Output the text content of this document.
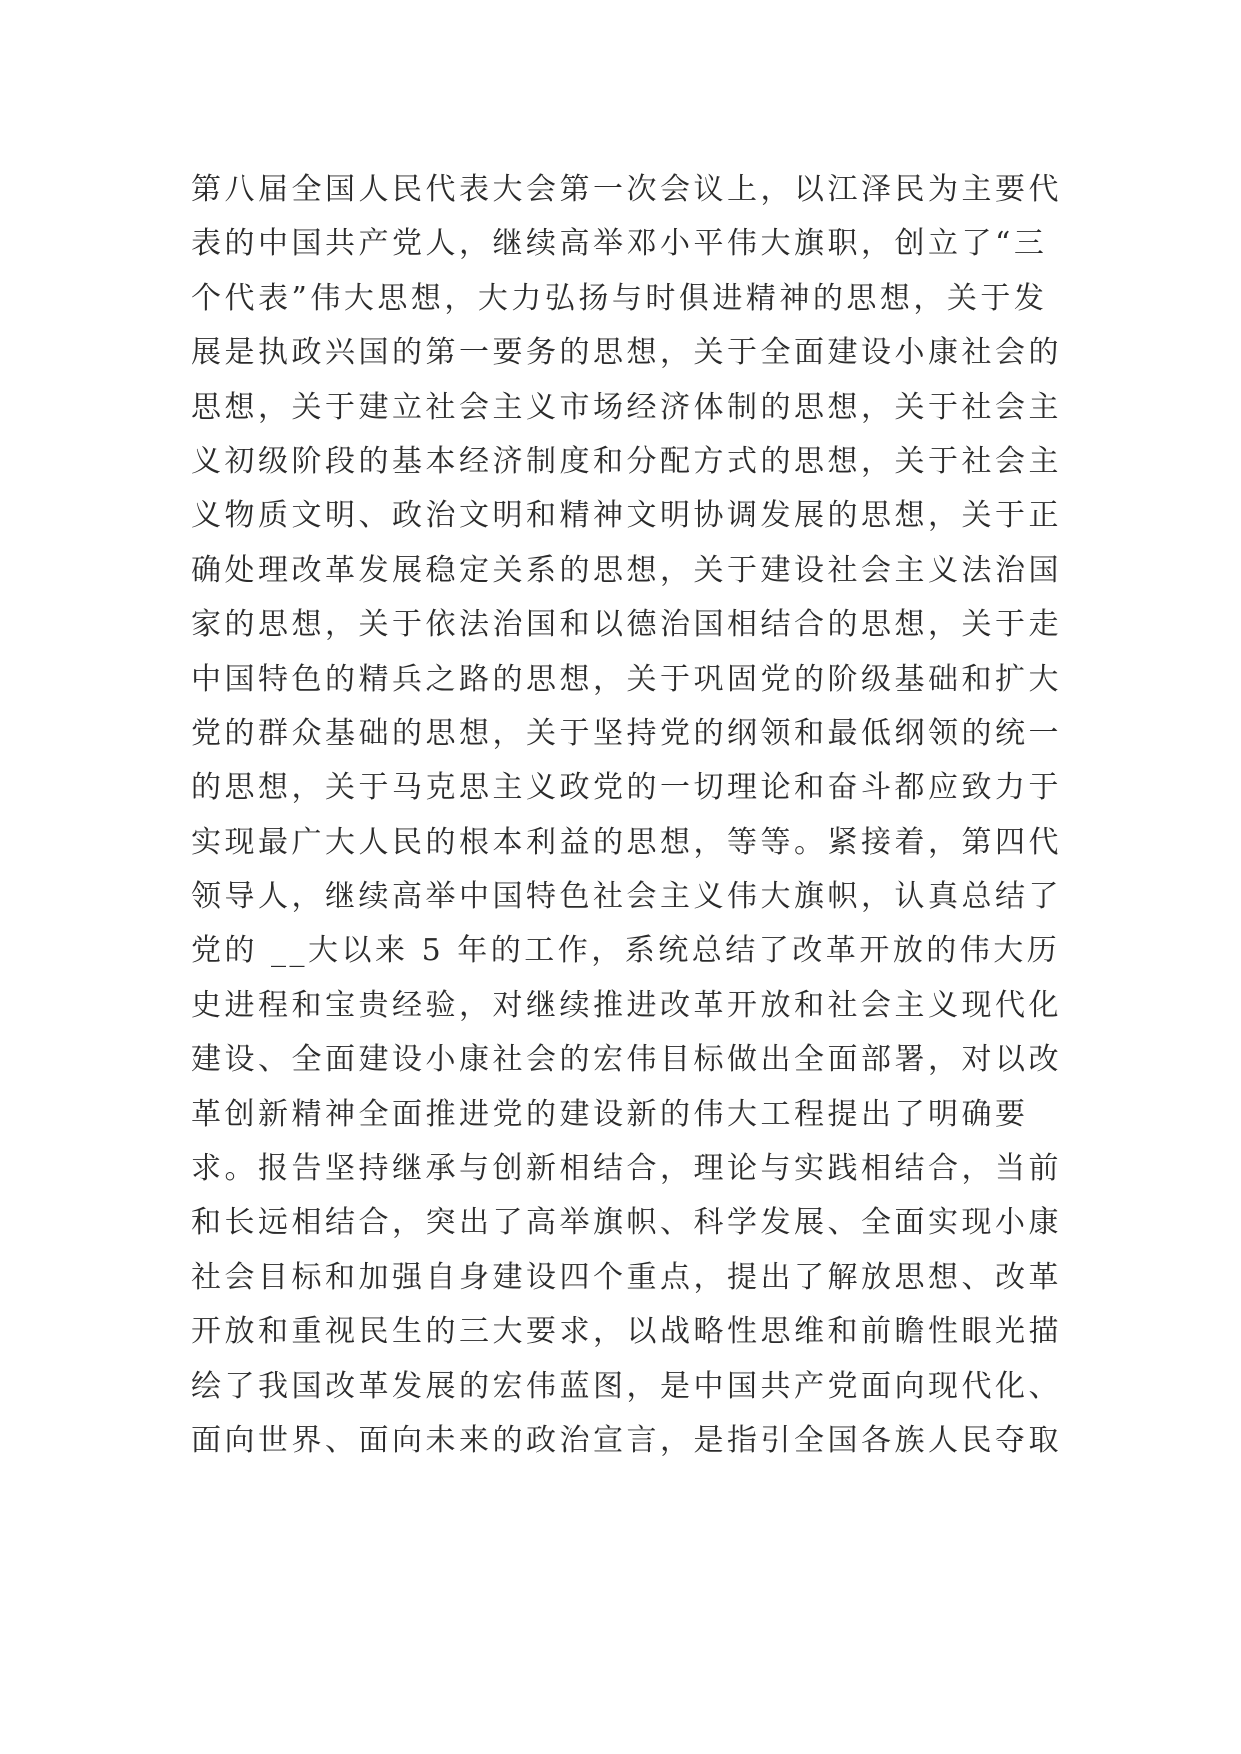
第八届全国人民代表大会第一次会议上，以江泽民为主要代
表的中国共产党人，继续高举邓小平伟大旗职，创立了“三
个代表”伟大思想，大力弘扬与时俱进精神的思想，关于发
展是执政兴国的第一要务的思想，关于全面建设小康社会的
思想，关于建立社会主义市场经济体制的思想，关于社会主
义初级阶段的基本经济制度和分配方式的思想，关于社会主
义物质文明、政治文明和精神文明协调发展的思想，关于正
确处理改革发展稳定关系的思想，关于建设社会主义法治国
家的思想，关于依法治国和以德治国相结合的思想，关于走
中国特色的精兵之路的思想，关于巩固党的阶级基础和扩大
党的群众基础的思想，关于坚持党的纲领和最低纲领的统一
的思想，关于马克思主义政党的一切理论和奋斗都应致力于
实现最广大人民的根本利益的思想，等等。紧接着，第四代
领导人，继续高举中国特色社会主义伟大旗帜，认真总结了
党的 __大以来 5 年的工作，系统总结了改革开放的伟大历
史进程和宝贵经验，对继续推进改革开放和社会主义现代化
建设、全面建设小康社会的宏伟目标做出全面部署，对以改
革创新精神全面推进党的建设新的伟大工程提出了明确要
求。报告坚持继承与创新相结合，理论与实践相结合，当前
和长远相结合，突出了高举旗帜、科学发展、全面实现小康
社会目标和加强自身建设四个重点，提出了解放思想、改革
开放和重视民生的三大要求，以战略性思维和前瞻性眼光描
绘了我国改革发展的宏伟蓝图，是中国共产党面向现代化、
面向世界、面向未来的政治宣言，是指引全国各族人民夺取
